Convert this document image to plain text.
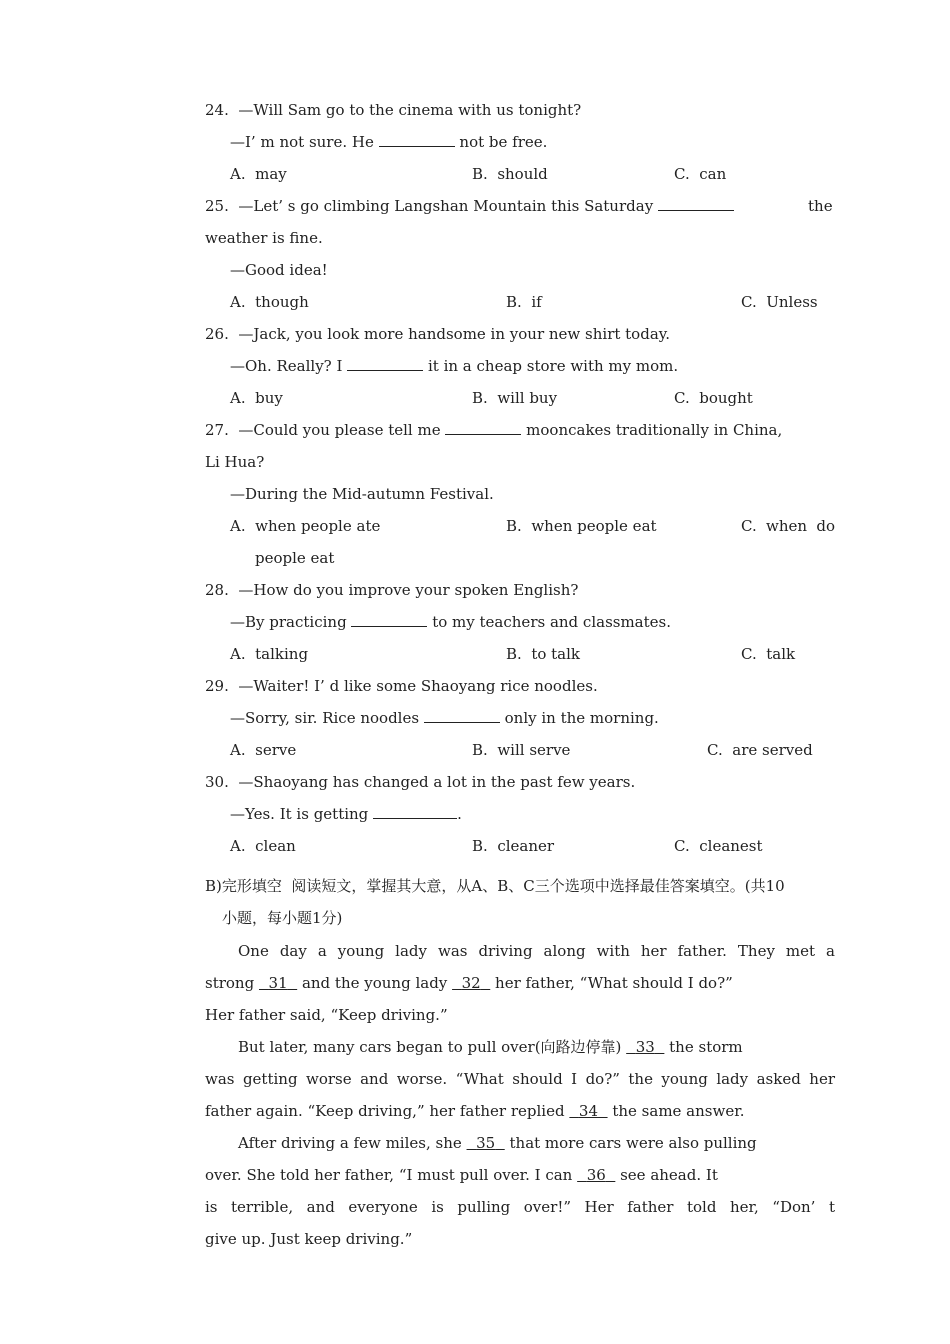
24.  —Will Sam go to the cinema with us tonight?
—I’ m not sure. He	not be free.
A.  may	B.  should	C.  can
25.  —Let’ s go climbing Langshan Mountain this Saturday	the
weather is fine.
—Good idea!
A.  though	B.  if	C.  Unless
26.  —Jack, you look more handsome in your new shirt today.
—Oh. Really? I	it in a cheap store with my mom.
A.  buy	B.  will buy	C.  bought
27.  —Could you please tell me	mooncakes traditionally in China,
Li Hua?
—During the Mid-autumn Festival.
A.  when people ate	B.  when people eat	C. when do
people eat
28.  —How do you improve your spoken English?
—By practicing	to my teachers and classmates.
A.  talking	B.  to talk	C.  talk
29.  —Waiter! I’ d like some Shaoyang rice noodles.
—Sorry, sir. Rice noodles	only in the morning.
A.  serve	B.  will serve	C.  are served
30.  —Shaoyang has changed a lot in the past few years.
—Yes. It is getting	.
A.  clean	B.  cleaner	C.  cleanest
B)完形填空  阅读短文，掌握其大意，从A、B、C三个选项中选择最佳答案填空。(共10
小题，每小题1分)
One day a young lady was driving along with her father. They met a
strong 31 and the young lady 32 her father, “What should I do?”
Her father said, “Keep driving.”
But later, many cars began to pull over(向路边停靠) 33 the storm
was getting worse and worse. “What should I do?” the young lady asked her
father again. “Keep driving,” her father replied 34 the same answer.
After driving a few miles, she 35 that more cars were also pulling
over. She told her father, “I must pull over. I can 36 see ahead. It
is terrible, and everyone is pulling over!” Her father told her, “Don’ t
give up. Just keep driving.”
